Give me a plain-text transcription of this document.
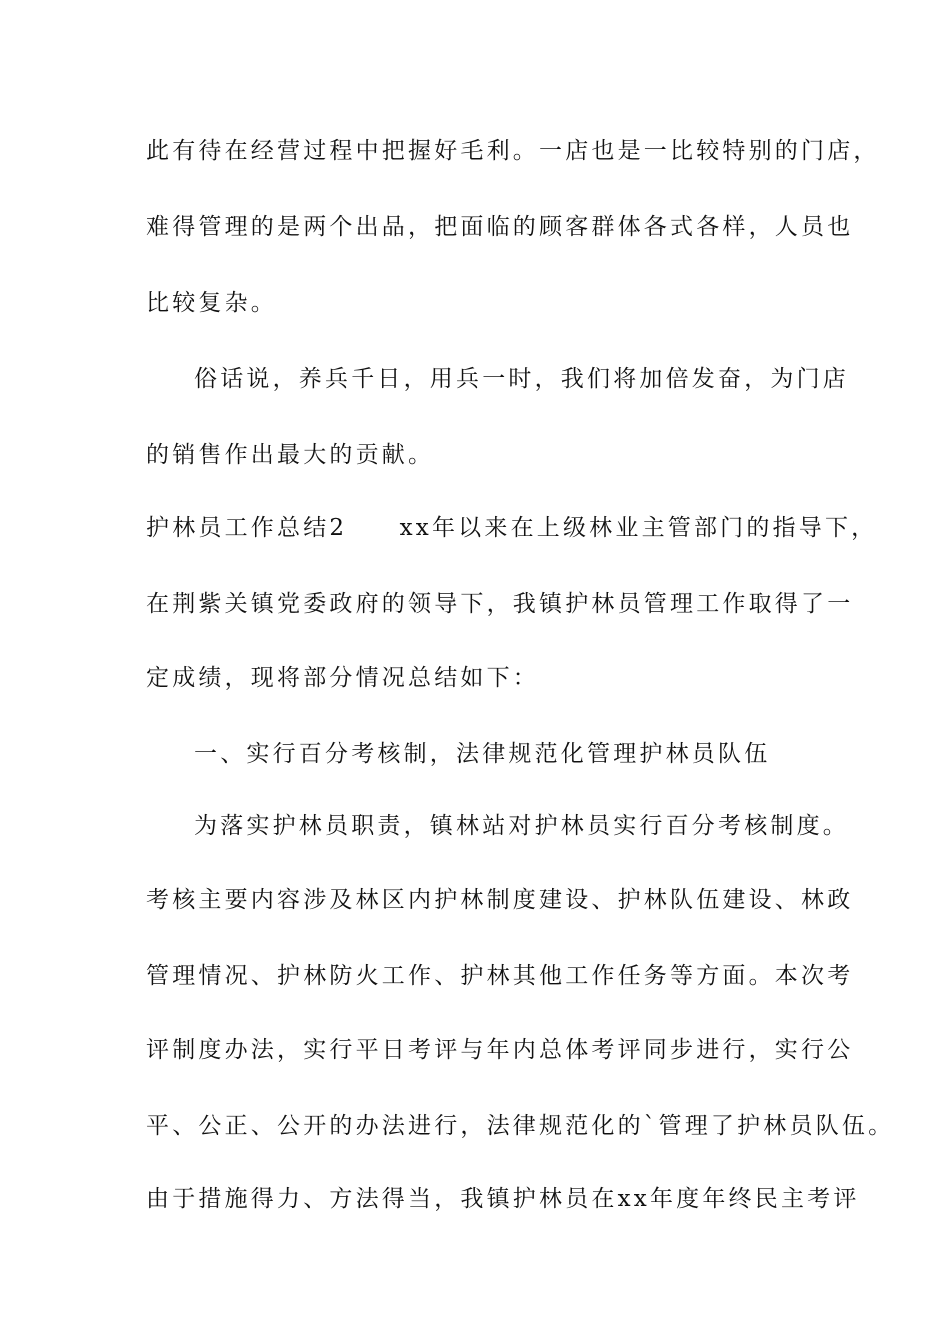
此有待在经营过程中把握好毛利。一店也是一比较特别的门店，
难得管理的是两个出品，把面临的顾客群体各式各样，人员也
比较复杂。
俗话说，养兵千日，用兵一时，我们将加倍发奋，为门店
的销售作出最大的贡献。
护林员工作总结2　　xx年以来在上级林业主管部门的指导下，
在荆紫关镇党委政府的领导下，我镇护林员管理工作取得了一
定成绩，现将部分情况总结如下：
一、实行百分考核制，法律规范化管理护林员队伍
为落实护林员职责，镇林站对护林员实行百分考核制度。
考核主要内容涉及林区内护林制度建设、护林队伍建设、林政
管理情况、护林防火工作、护林其他工作任务等方面。本次考
评制度办法，实行平日考评与年内总体考评同步进行，实行公
平、公正、公开的办法进行，法律规范化的`管理了护林员队伍。
由于措施得力、方法得当，我镇护林员在xx年度年终民主考评
